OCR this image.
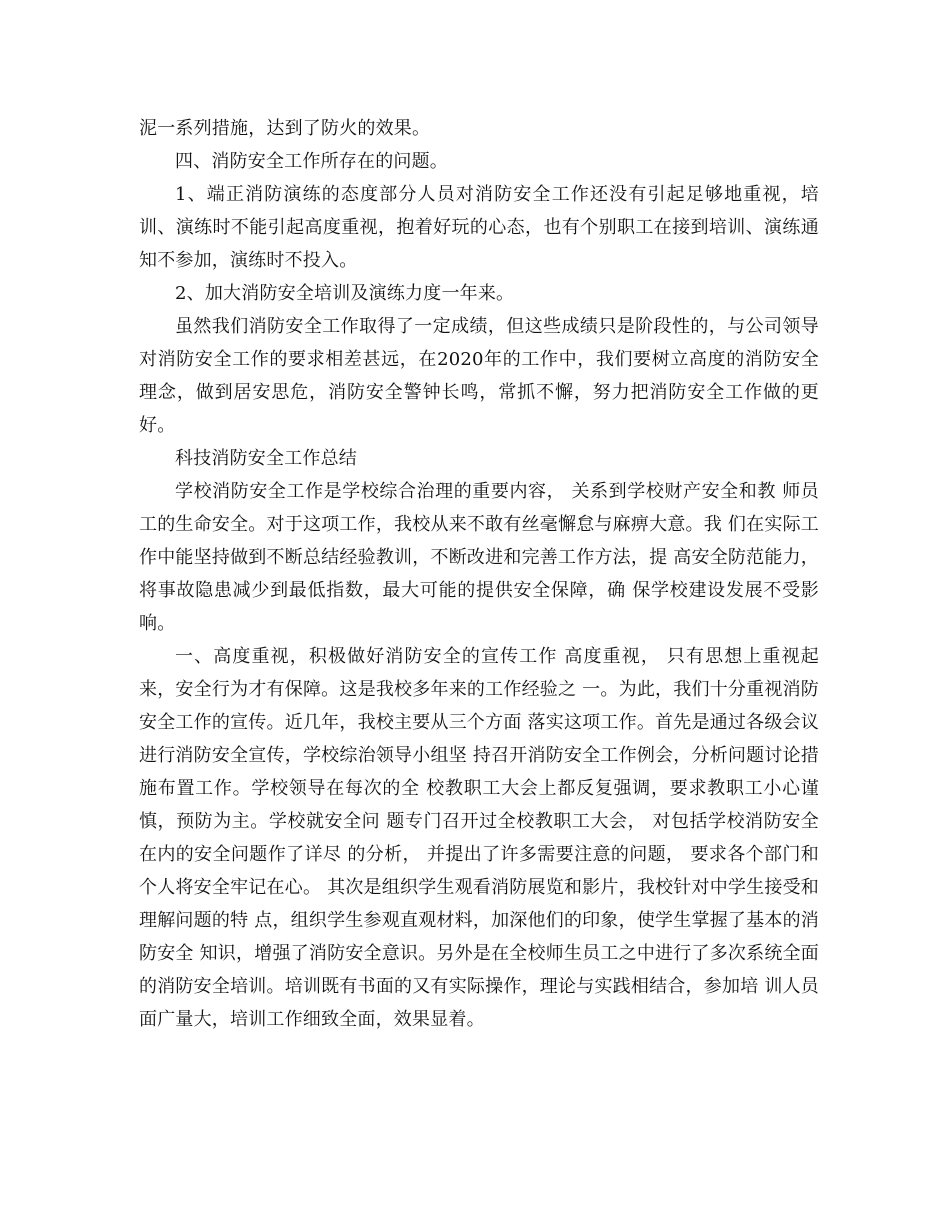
泥一系列措施，达到了防火的效果。

四、消防安全工作所存在的问题。

1、端正消防演练的态度部分人员对消防安全工作还没有引起足够地重视，培训、演练时不能引起高度重视，抱着好玩的心态，也有个别职工在接到培训、演练通知不参加，演练时不投入。

2、加大消防安全培训及演练力度一年来。

虽然我们消防安全工作取得了一定成绩，但这些成绩只是阶段性的，与公司领导对消防安全工作的要求相差甚远，在2020年的工作中，我们要树立高度的消防安全理念，做到居安思危，消防安全警钟长鸣，常抓不懈，努力把消防安全工作做的更好。

科技消防安全工作总结

学校消防安全工作是学校综合治理的重要内容， 关系到学校财产安全和教 师员工的生命安全。对于这项工作，我校从来不敢有丝毫懈怠与麻痹大意。我 们在实际工作中能坚持做到不断总结经验教训，不断改进和完善工作方法，提 高安全防范能力，将事故隐患减少到最低指数，最大可能的提供安全保障，确 保学校建设发展不受影响。

一、高度重视，积极做好消防安全的宣传工作 高度重视， 只有思想上重视起来，安全行为才有保障。这是我校多年来的工作经验之 一。为此，我们十分重视消防安全工作的宣传。近几年，我校主要从三个方面 落实这项工作。首先是通过各级会议进行消防安全宣传，学校综治领导小组坚 持召开消防安全工作例会，分析问题讨论措施布置工作。学校领导在每次的全 校教职工大会上都反复强调，要求教职工小心谨慎，预防为主。学校就安全问 题专门召开过全校教职工大会， 对包括学校消防安全在内的安全问题作了详尽 的分析， 并提出了许多需要注意的问题， 要求各个部门和个人将安全牢记在心。 其次是组织学生观看消防展览和影片，我校针对中学生接受和理解问题的特 点，组织学生参观直观材料，加深他们的印象，使学生掌握了基本的消防安全 知识，增强了消防安全意识。另外是在全校师生员工之中进行了多次系统全面 的消防安全培训。培训既有书面的又有实际操作，理论与实践相结合，参加培 训人员面广量大，培训工作细致全面，效果显着。
